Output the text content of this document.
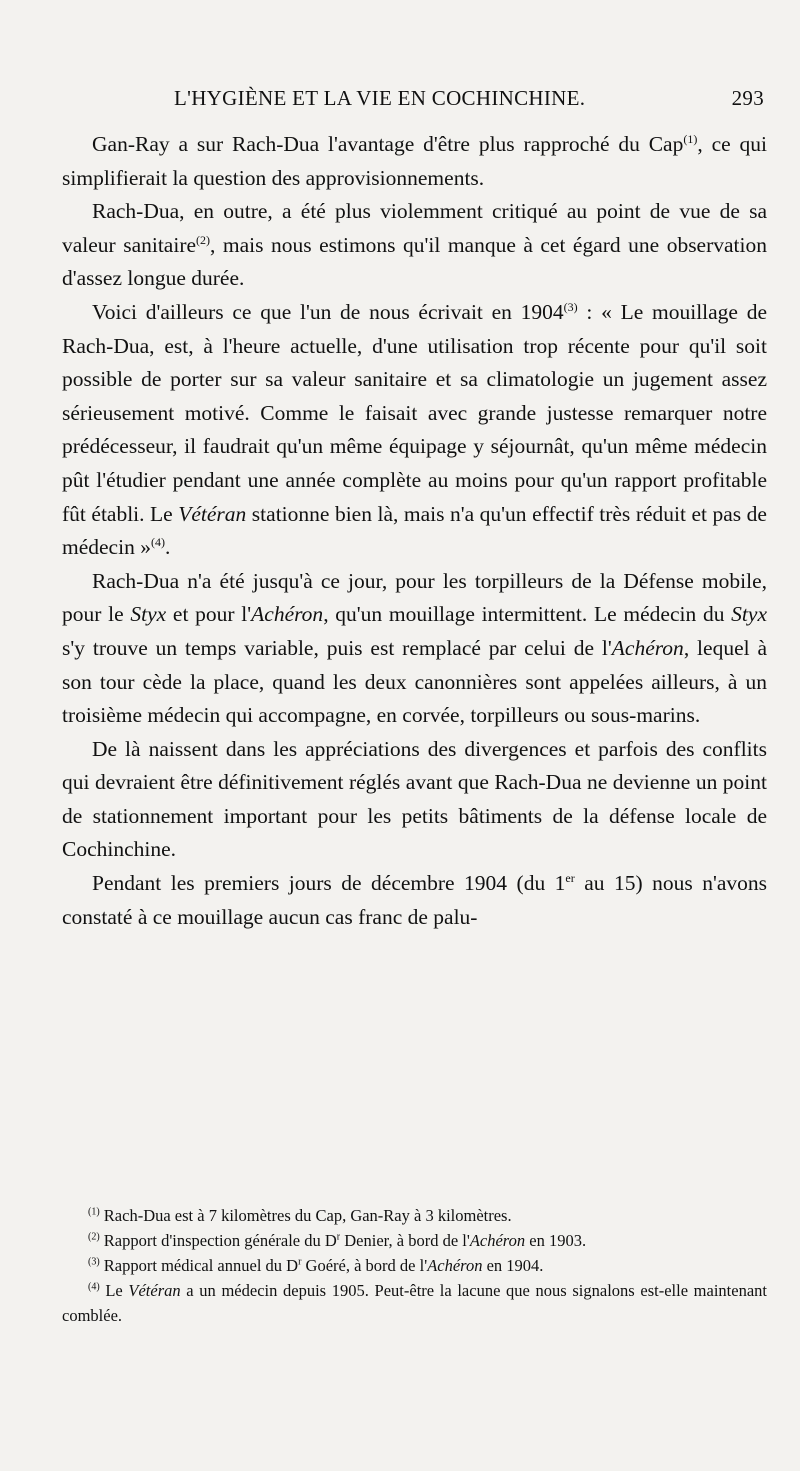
L'HYGIÈNE ET LA VIE EN COCHINCHINE.	293

Gan-Ray a sur Rach-Dua l'avantage d'être plus rapproché du Cap$^{(1)}$, ce qui simplifierait la question des approvisionnements.

Rach-Dua, en outre, a été plus violemment critiqué au point de vue de sa valeur sanitaire$^{(2)}$, mais nous estimons qu'il manque à cet égard une observation d'assez longue durée.

Voici d'ailleurs ce que l'un de nous écrivait en 1904$^{(3)}$ : « Le mouillage de Rach-Dua, est, à l'heure actuelle, d'une utilisation trop récente pour qu'il soit possible de porter sur sa valeur sanitaire et sa climatologie un jugement assez sérieusement motivé. Comme le faisait avec grande justesse remarquer notre prédécesseur, il faudrait qu'un même équipage y séjournât, qu'un même médecin pût l'étudier pendant une année complète au moins pour qu'un rapport profitable fût établi. Le Vétéran stationne bien là, mais n'a qu'un effectif très réduit et pas de médecin »$^{(4)}$.

Rach-Dua n'a été jusqu'à ce jour, pour les torpilleurs de la Défense mobile, pour le Styx et pour l'Achéron, qu'un mouillage intermittent. Le médecin du Styx s'y trouve un temps variable, puis est remplacé par celui de l'Achéron, lequel à son tour cède la place, quand les deux canonnières sont appelées ailleurs, à un troisième médecin qui accompagne, en corvée, torpilleurs ou sous-marins.

De là naissent dans les appréciations des divergences et parfois des conflits qui devraient être définitivement réglés avant que Rach-Dua ne devienne un point de stationnement important pour les petits bâtiments de la défense locale de Cochinchine.

Pendant les premiers jours de décembre 1904 (du 1er au 15) nous n'avons constaté à ce mouillage aucun cas franc de palu-

$^{(1)}$ Rach-Dua est à 7 kilomètres du Cap, Gan-Ray à 3 kilomètres.

$^{(2)}$ Rapport d'inspection générale du $D^r$ Denier, à bord de l'Achéron en 1903.

$^{(3)}$ Rapport médical annuel du $D^r$ Goéré, à bord de l'Achéron en 1904.

$^{(4)}$ Le Vétéran a un médecin depuis 1905. Peut-être la lacune que nous signalons est-elle maintenant comblée.
